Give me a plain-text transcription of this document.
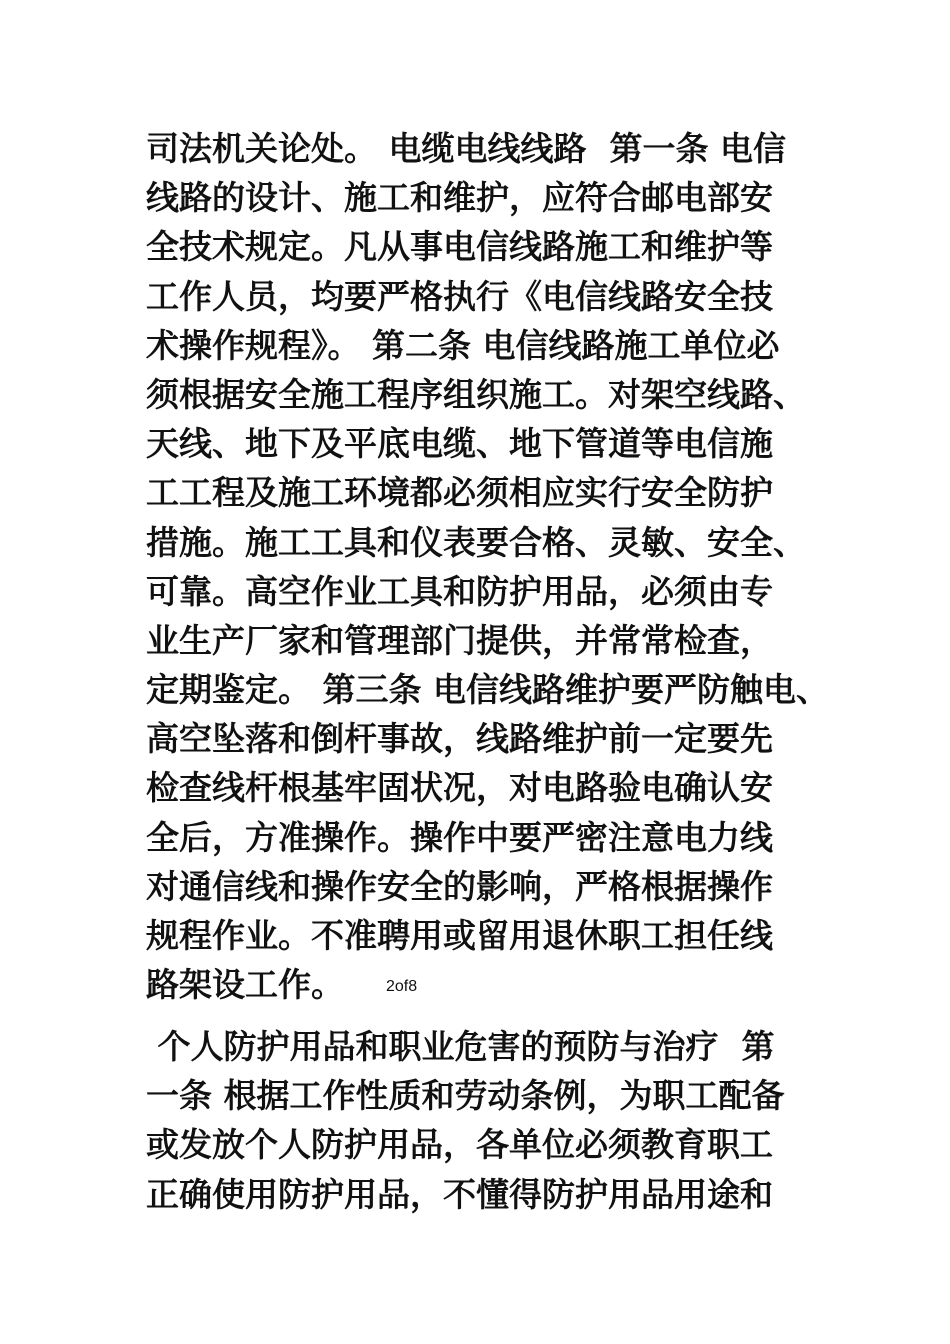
司法机关论处。 电缆电线线路  第一条 电信
线路的设计、施工和维护，应符合邮电部安
全技术规定。凡从事电信线路施工和维护等
工作人员，均要严格执行《电信线路安全技
术操作规程》。 第二条 电信线路施工单位必
须根据安全施工程序组织施工。对架空线路、
天线、地下及平底电缆、地下管道等电信施
工工程及施工环境都必须相应实行安全防护
措施。施工工具和仪表要合格、灵敏、安全、
可靠。高空作业工具和防护用品，必须由专
业生产厂家和管理部门提供，并常常检查，
定期鉴定。 第三条 电信线路维护要严防触电、
高空坠落和倒杆事故，线路维护前一定要先
检查线杆根基牢固状况，对电路验电确认安
全后，方准操作。操作中要严密注意电力线
对通信线和操作安全的影响，严格根据操作
规程作业。不准聘用或留用退休职工担任线
路架设工作。	2of8
个人防护用品和职业危害的预防与治疗  第
一条 根据工作性质和劳动条例，为职工配备
或发放个人防护用品，各单位必须教育职工
正确使用防护用品，不懂得防护用品用途和
